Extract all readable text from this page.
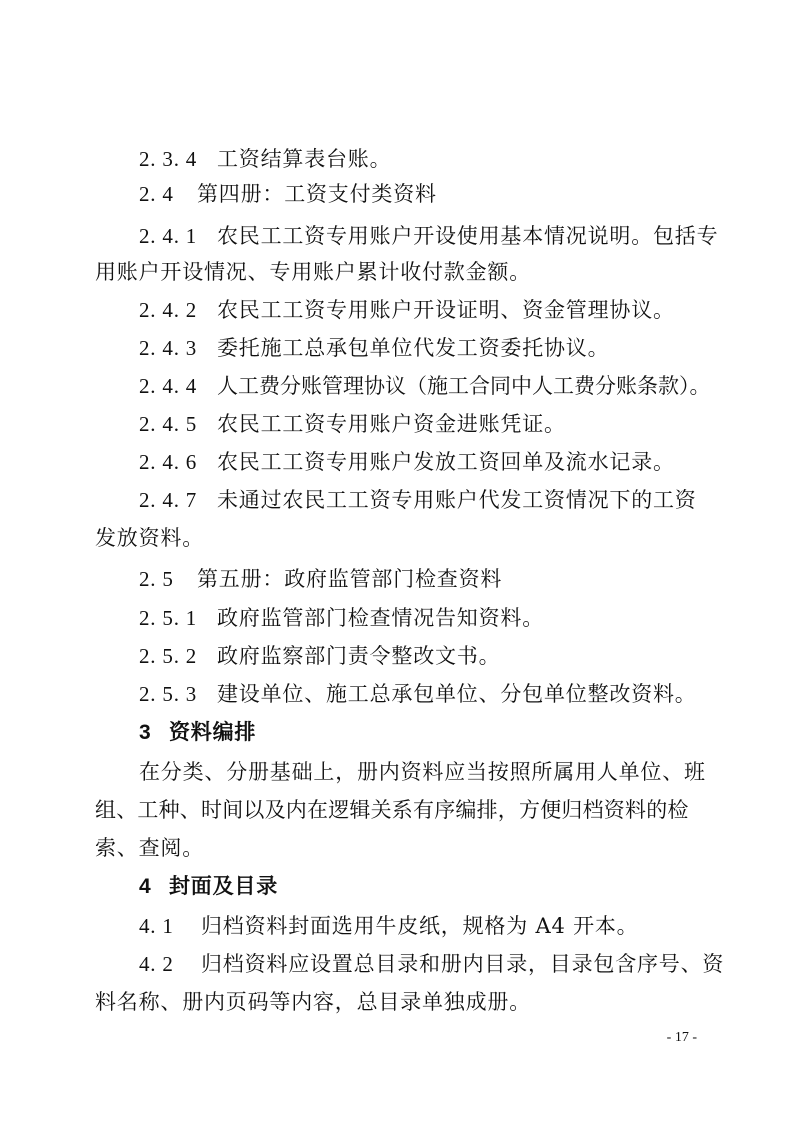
2. 3. 4 工资结算表台账。
2. 4 第四册：工资支付类资料
2. 4. 1 农民工工资专用账户开设使用基本情况说明。包括专
用账户开设情况、专用账户累计收付款金额。
2. 4. 2 农民工工资专用账户开设证明、资金管理协议。
2. 4. 3 委托施工总承包单位代发工资委托协议。
2. 4. 4 人工费分账管理协议（施工合同中人工费分账条款）。
2. 4. 5 农民工工资专用账户资金进账凭证。
2. 4. 6 农民工工资专用账户发放工资回单及流水记录。
2. 4. 7 未通过农民工工资专用账户代发工资情况下的工资
发放资料。
2. 5 第五册：政府监管部门检查资料
2. 5. 1 政府监管部门检查情况告知资料。
2. 5. 2 政府监察部门责令整改文书。
2. 5. 3 建设单位、施工总承包单位、分包单位整改资料。
3 资料编排
在分类、分册基础上，册内资料应当按照所属用人单位、班
组、工种、时间以及内在逻辑关系有序编排，方便归档资料的检
索、查阅。
4 封面及目录
4. 1 归档资料封面选用牛皮纸，规格为 A4 开本。
4. 2 归档资料应设置总目录和册内目录，目录包含序号、资
料名称、册内页码等内容，总目录单独成册。
- 17 -
